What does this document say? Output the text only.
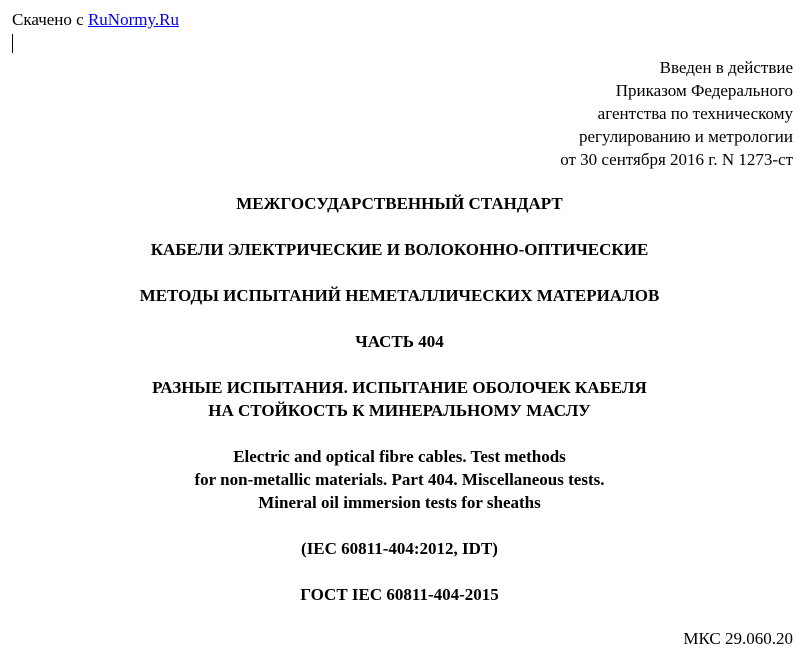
Скачено с RuNormy.Ru
Введен в действие
Приказом Федерального
агентства по техническому
регулированию и метрологии
от 30 сентября 2016 г. N 1273-ст
МЕЖГОСУДАРСТВЕННЫЙ СТАНДАРТ
КАБЕЛИ ЭЛЕКТРИЧЕСКИЕ И ВОЛОКОННО-ОПТИЧЕСКИЕ
МЕТОДЫ ИСПЫТАНИЙ НЕМЕТАЛЛИЧЕСКИХ МАТЕРИАЛОВ
ЧАСТЬ 404
РАЗНЫЕ ИСПЫТАНИЯ. ИСПЫТАНИЕ ОБОЛОЧЕК КАБЕЛЯ
НА СТОЙКОСТЬ К МИНЕРАЛЬНОМУ МАСЛУ
Electric and optical fibre cables. Test methods
for non-metallic materials. Part 404. Miscellaneous tests.
Mineral oil immersion tests for sheaths
(IEC 60811-404:2012, IDT)
ГОСТ IEC 60811-404-2015
МКС 29.060.20
